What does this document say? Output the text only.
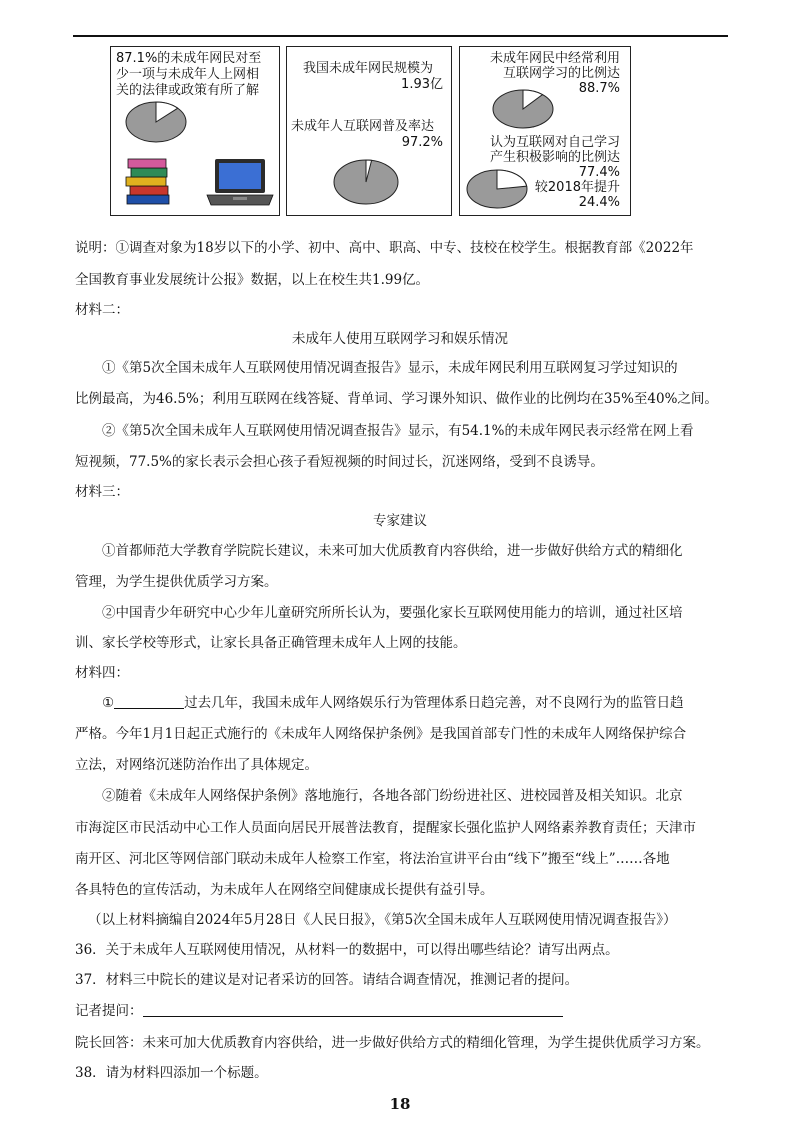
87.1%的未成年网民对至
少一项与未成年人上网相
关的法律或政策有所了解
我国未成年网民规模为
1.93亿
未成年人互联网普及率达
97.2%
未成年网民中经常利用
互联网学习的比例达
88.7%
认为互联网对自己学习
产生积极影响的比例达
77.4%
较2018年提升
24.4%
说明：①调查对象为18岁以下的小学、初中、高中、职高、中专、技校在校学生。根据教育部《2022年
全国教育事业发展统计公报》数据，以上在校生共1.99亿。
材料二：
未成年人使用互联网学习和娱乐情况
①《第5次全国未成年人互联网使用情况调查报告》显示，未成年网民利用互联网复习学过知识的
比例最高，为46.5%；利用互联网在线答疑、背单词、学习课外知识、做作业的比例均在35%至40%之间。
②《第5次全国未成年人互联网使用情况调查报告》显示，有54.1%的未成年网民表示经常在网上看
短视频，77.5%的家长表示会担心孩子看短视频的时间过长，沉迷网络，受到不良诱导。
材料三：
专家建议
①首都师范大学教育学院院长建议，未来可加大优质教育内容供给，进一步做好供给方式的精细化
管理，为学生提供优质学习方案。
②中国青少年研究中心少年儿童研究所所长认为，要强化家长互联网使用能力的培训，通过社区培
训、家长学校等形式，让家长具备正确管理未成年人上网的技能。
材料四：
①	过去几年，我国未成年人网络娱乐行为管理体系日趋完善，对不良网行为的监管日趋
严格。今年1月1日起正式施行的《未成年人网络保护条例》是我国首部专门性的未成年人网络保护综合
立法，对网络沉迷防治作出了具体规定。
②随着《未成年人网络保护条例》落地施行，各地各部门纷纷进社区、进校园普及相关知识。北京
市海淀区市民活动中心工作人员面向居民开展普法教育，提醒家长强化监护人网络素养教育责任；天津市
南开区、河北区等网信部门联动未成年人检察工作室，将法治宣讲平台由“线下”搬至“线上”……各地
各具特色的宣传活动，为未成年人在网络空间健康成长提供有益引导。
（以上材料摘编自2024年5月28日《人民日报》，《第5次全国未成年人互联网使用情况调查报告》）
36．关于未成年人互联网使用情况，从材料一的数据中，可以得出哪些结论？请写出两点。
37．材料三中院长的建议是对记者采访的回答。请结合调查情况，推测记者的提问。
记者提问：
院长回答：未来可加大优质教育内容供给，进一步做好供给方式的精细化管理，为学生提供优质学习方案。
38．请为材料四添加一个标题。
18
